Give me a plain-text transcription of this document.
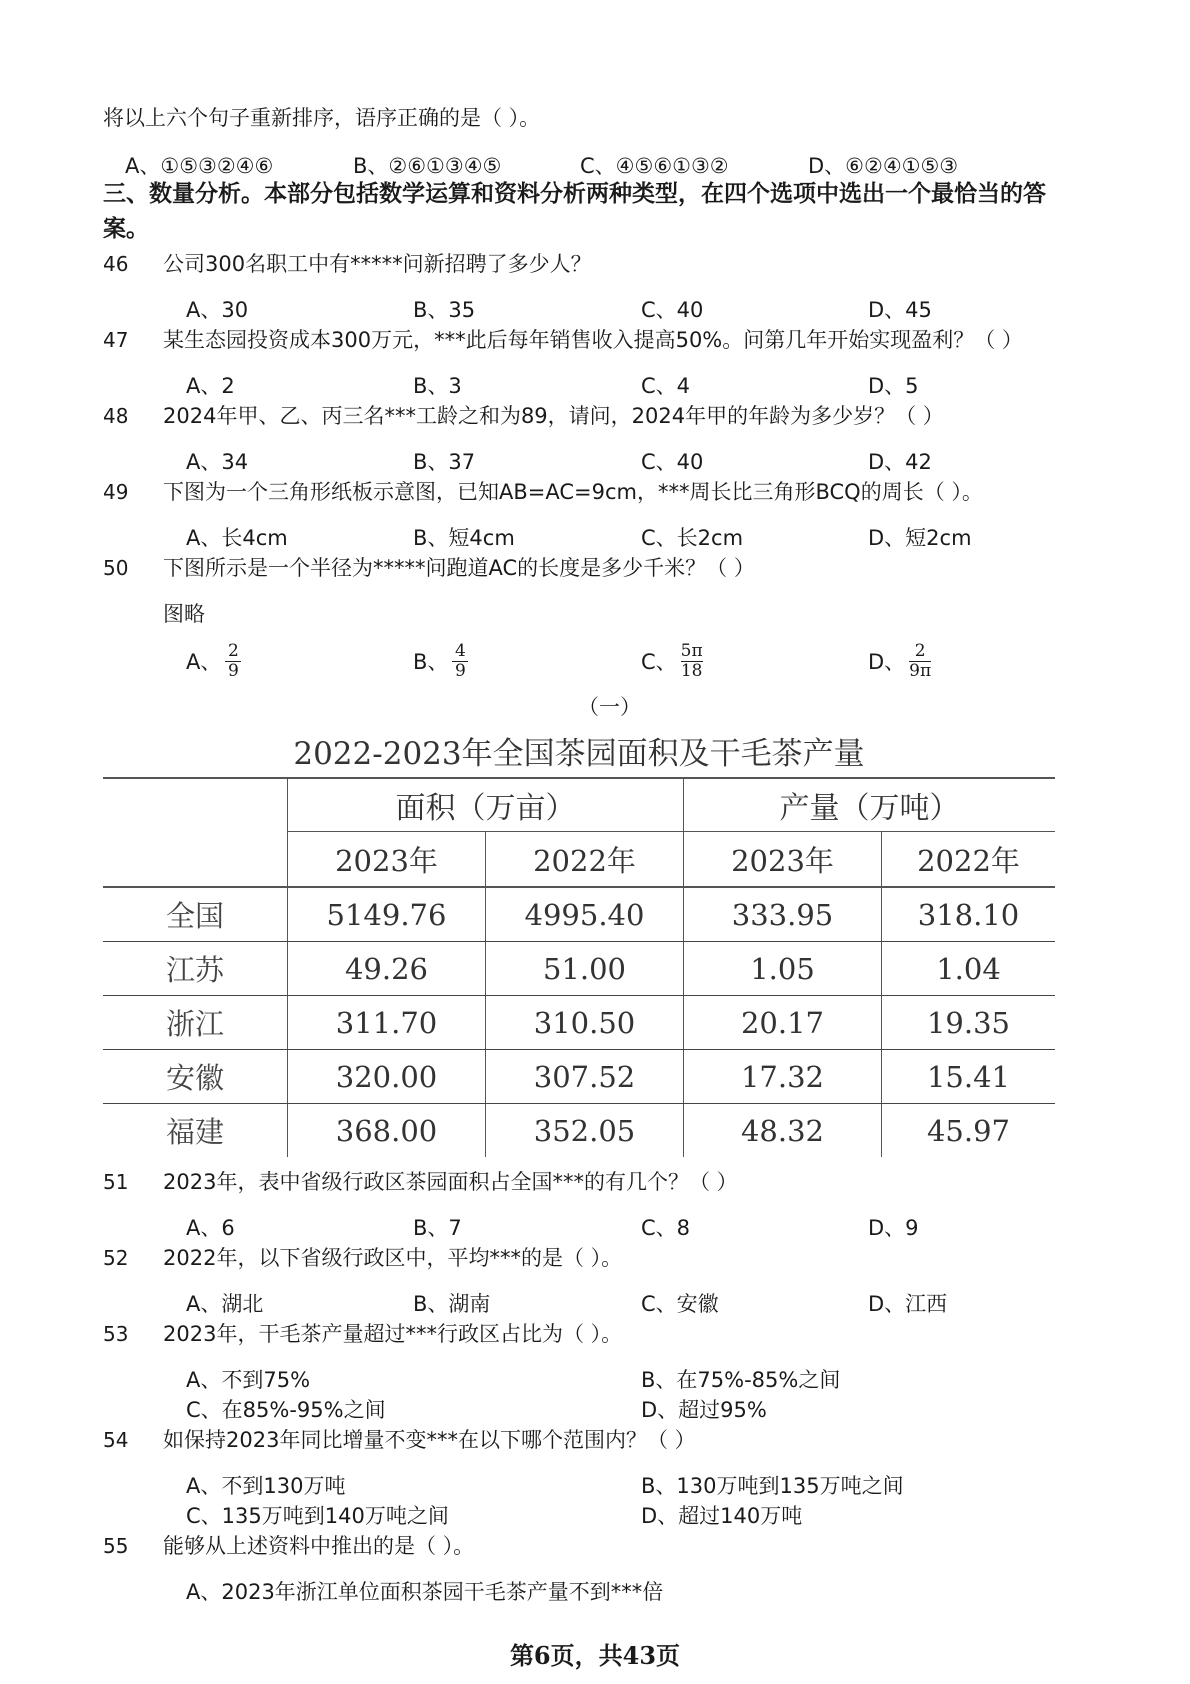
将以上六个句子重新排序，语序正确的是（ ）。
A、①⑤③②④⑥	B、②⑥①③④⑤	C、④⑤⑥①③②	D、⑥②④①⑤③
三、数量分析。本部分包括数学运算和资料分析两种类型，在四个选项中选出一个最恰当的答
案。
46 公司300名职工中有*****问新招聘了多少人？
A、30	B、35	C、40	D、45
47 某生态园投资成本300万元，***此后每年销售收入提高50%。问第几年开始实现盈利？（ ）
A、2	B、3	C、4	D、5
48 2024年甲、乙、丙三名***工龄之和为89，请问，2024年甲的年龄为多少岁？（ ）
A、34	B、37	C、40	D、42
49 下图为一个三角形纸板示意图，已知AB=AC=9cm，***周长比三角形BCQ的周长（ ）。
A、长4cm	B、短4cm	C、长2cm	D、短2cm
50 下图所示是一个半径为*****问跑道AC的长度是多少千米？（ ）
图略
A、 $\frac{2}{9}$	B、 $\frac{4}{9}$	C、 $\frac{5\pi}{18}$	D、 $\frac{2}{9\pi}$
（一）
2022-2023年全国茶园面积及干毛茶产量				
	面积（万亩）		产量（万吨）	
	2023年	2022年	2023年	2022年
全国	5149.76	4995.40	333.95	318.10
江苏	49.26	51.00	1.05	1.04
浙江	311.70	310.50	20.17	19.35
安徽	320.00	307.52	17.32	15.41
福建	368.00	352.05	48.32	45.97
51 2023年，表中省级行政区茶园面积占全国***的有几个？（ ）
A、6	B、7	C、8	D、9
52 2022年，以下省级行政区中，平均***的是（ ）。
A、湖北	B、湖南	C、安徽	D、江西
53 2023年，干毛茶产量超过***行政区占比为（ ）。
A、不到75%	B、在75%-85%之间
C、在85%-95%之间	D、超过95%
54 如保持2023年同比增量不变***在以下哪个范围内？（ ）
A、不到130万吨	B、130万吨到135万吨之间
C、135万吨到140万吨之间	D、超过140万吨
55 能够从上述资料中推出的是（ ）。
A、2023年浙江单位面积茶园干毛茶产量不到***倍
第6页，共43页
